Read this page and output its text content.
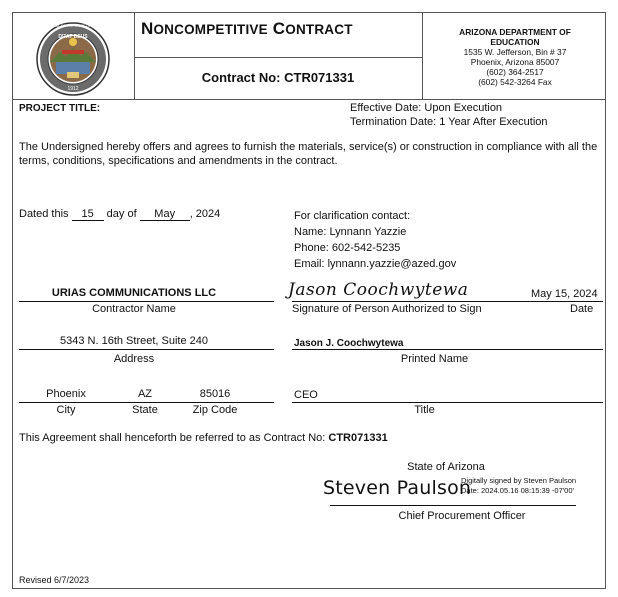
DITAT DEUS
1912
GREAT SEAL OF THE STATE OF ARIZONA NONCOMPETITIVE CONTRACT
Contract No: CTR071331
ARIZONA DEPARTMENT OF
EDUCATION
1535 W. Jefferson, Bin # 37
Phoenix, Arizona 85007
(602) 364-2517
(602) 542-3264 Fax
PROJECT TITLE:	Effective Date: Upon Execution
Termination Date: 1 Year After Execution
The Undersigned hereby offers and agrees to furnish the materials, service(s) or construction in compliance with all the terms, conditions, specifications and amendments in the contract.
Dated this 15 day of May , 2024	For clarification contact:
Name: Lynnann Yazzie
Phone: 602-542-5235
Email: lynnann.yazzie@azed.gov
URIAS COMMUNICATIONS LLC
Contractor Name
Jason Coochwytewa	May 15, 2024
Signature of Person Authorized to Sign	Date
5343 N. 16th Street, Suite 240
Address
Jason J. Coochwytewa
Printed Name
Phoenix	AZ	85016
City	State	Zip Code
CEO
Title
This Agreement shall henceforth be referred to as Contract No: CTR071331
State of Arizona
Steven Paulson
Digitally signed by Steven Paulson
Date: 2024.05.16 08:15:39 -07'00'
Chief Procurement Officer
Revised 6/7/2023
